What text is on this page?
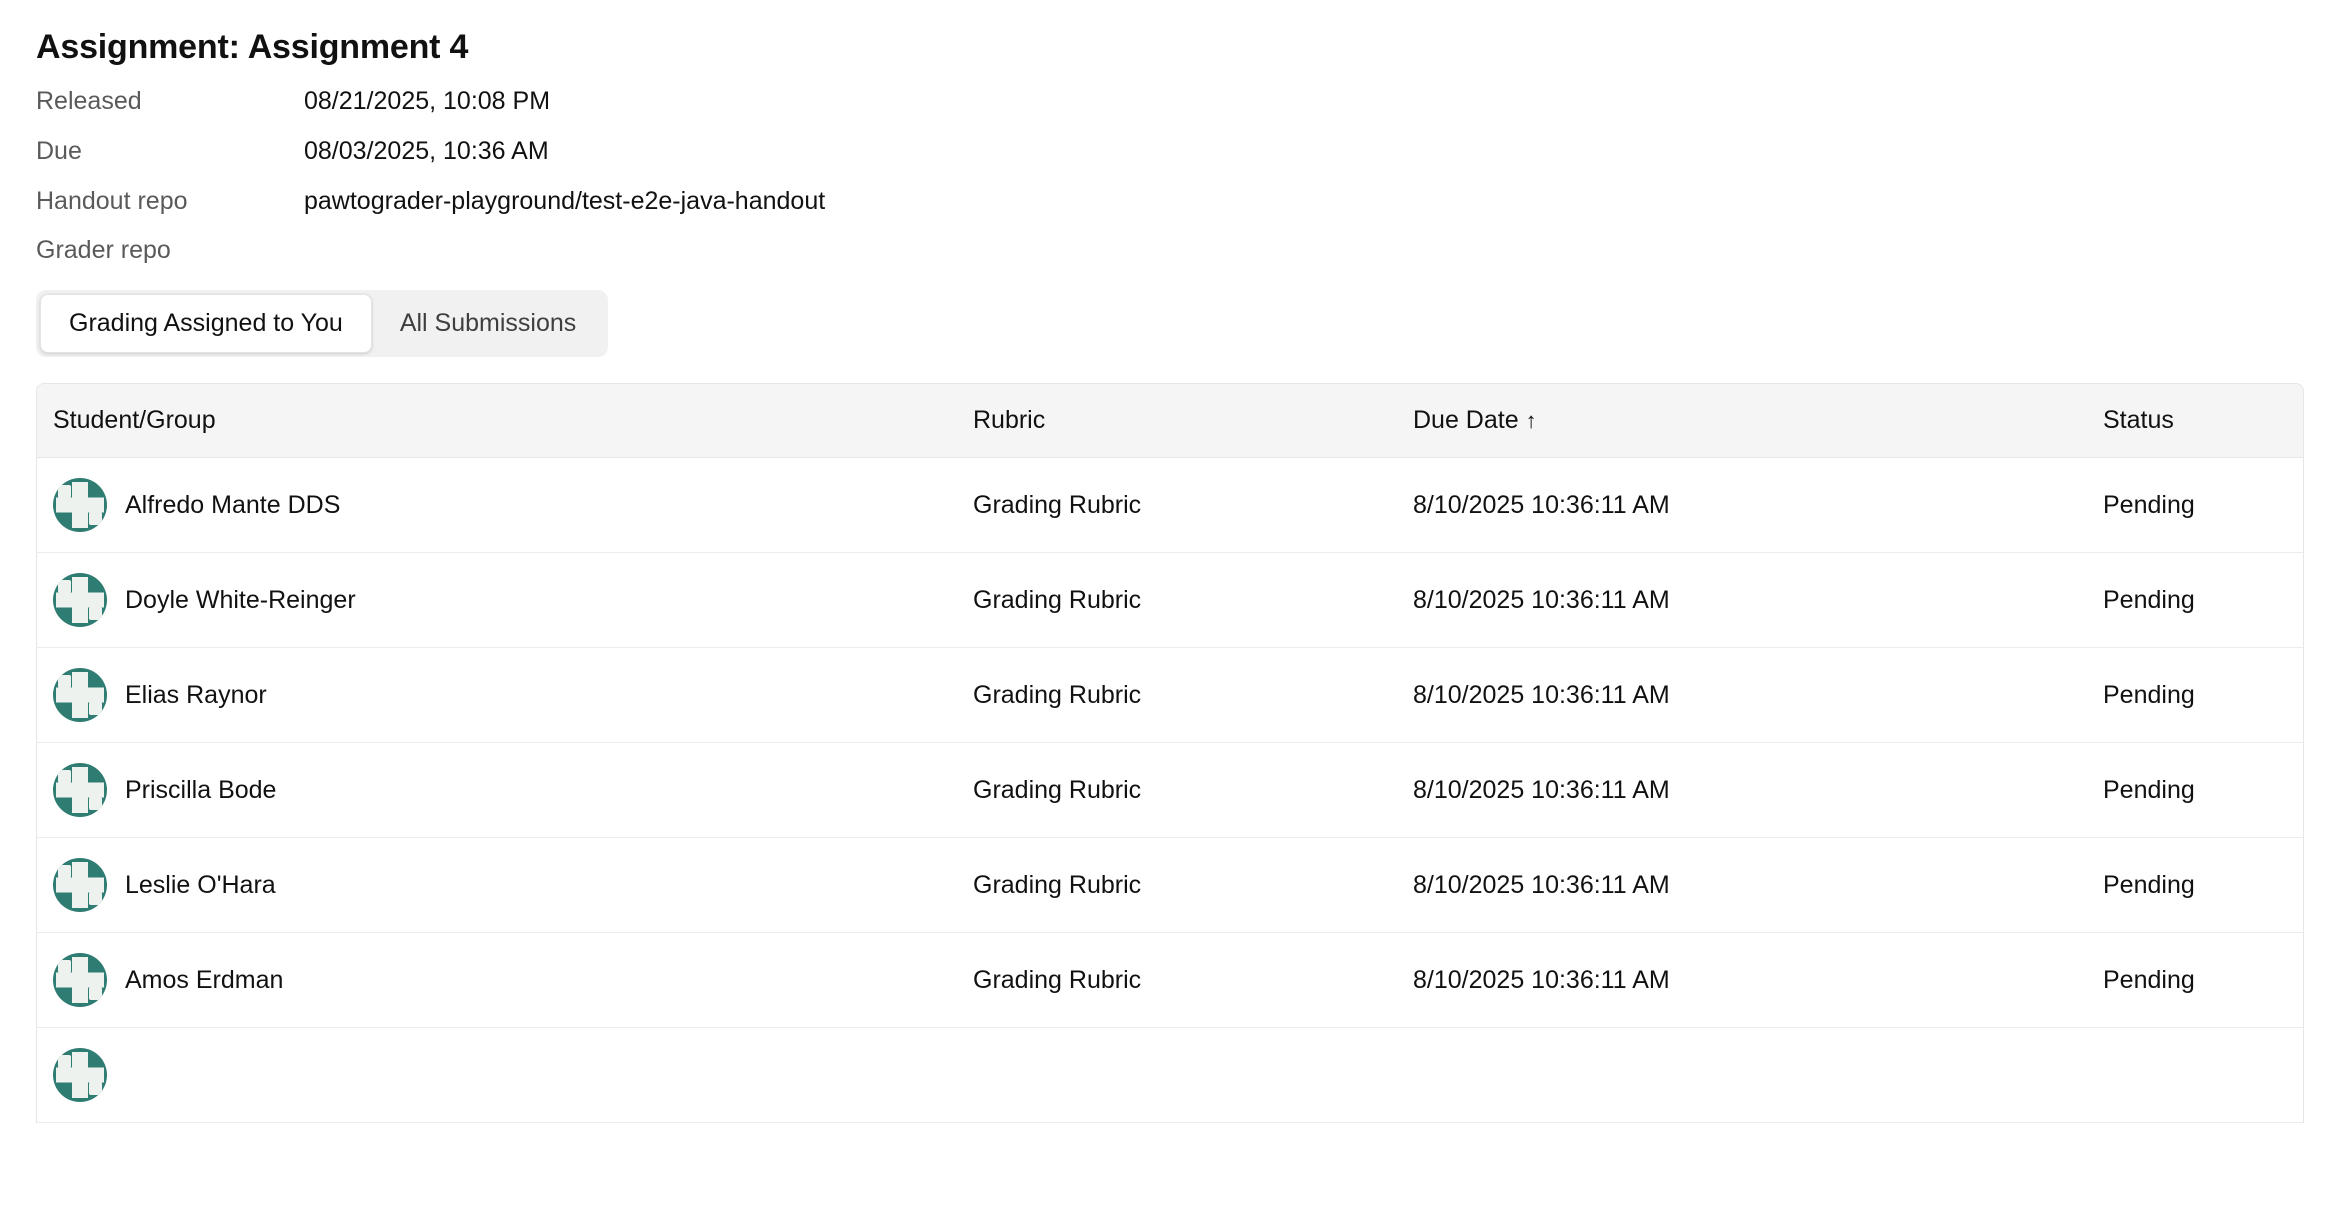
Assignment: Assignment 4
Released	08/21/2025, 10:08 PM
Due	08/03/2025, 10:36 AM
Handout repo	pawtograder-playground/test-e2e-java-handout
Grader repo	
Grading Assigned to You	All Submissions
Student/Group	Rubric	Due Date ↑	Status

Alfredo Mante DDS	Grading Rubric	8/10/2025 10:36:11 AM	Pending

Doyle White-Reinger	Grading Rubric	8/10/2025 10:36:11 AM	Pending

Elias Raynor	Grading Rubric	8/10/2025 10:36:11 AM	Pending

Priscilla Bode	Grading Rubric	8/10/2025 10:36:11 AM	Pending

Leslie O'Hara	Grading Rubric	8/10/2025 10:36:11 AM	Pending

Amos Erdman	Grading Rubric	8/10/2025 10:36:11 AM	Pending
